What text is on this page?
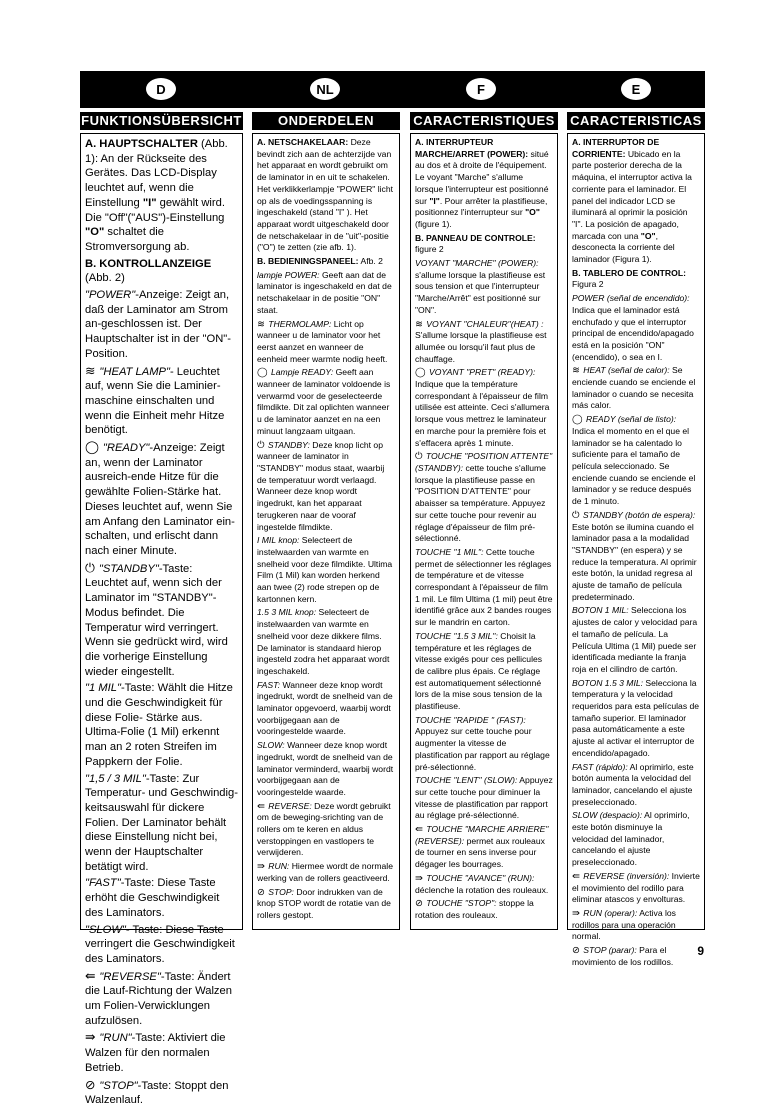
D	NL	F	E
FUNKTIONSÜBERSICHT	ONDERDELEN	CARACTERISTIQUES CARACTERISTICAS

A. HAUPTSCHALTER (Abb. 1): An der Rückseite des Gerätes. Das LCD-Display leuchtet auf, wenn die Einstellung "I" gewählt wird. Die "Off"("AUS")-Einstellung "O" schaltet die Stromversorgung ab.

B. KONTROLLANZEIGE (Abb. 2)

"POWER"-Anzeige: Zeigt an, daß der Laminator am Strom an-geschlossen ist. Der Hauptschalter ist in der "ON"-Position.

≋ "HEAT LAMP"- Leuchtet auf, wenn Sie die Laminier-maschine einschalten und wenn die Einheit mehr Hitze benötigt.

◯ "READY"-Anzeige: Zeigt an, wenn der Laminator ausreich-ende Hitze für die gewählte Folien-Stärke hat. Dieses leuchtet auf, wenn Sie am Anfang den Laminator ein-schalten, und erlischt dann nach einer Minute.

⏻ "STANDBY"-Taste: Leuchtet auf, wenn sich der Laminator im "STANDBY"-Modus befindet. Die Temperatur wird verringert. Wenn sie gedrückt wird, wird die vorherige Einstellung wieder eingestellt.

"1 MIL"-Taste: Wählt die Hitze und die Geschwindigkeit für diese Folie- Stärke aus. Ultima-Folie (1 Mil) erkennt man an 2 roten Streifen im Pappkern der Folie.

"1,5 / 3 MIL"-Taste: Zur Temperatur- und Geschwindig-keitsauswahl für dickere Folien. Der Laminator behält diese Einstellung nicht bei, wenn der Hauptschalter betätigt wird.

"FAST"-Taste: Diese Taste erhöht die Geschwindigkeit des Laminators.

"SLOW"- Taste: Diese Taste verringert die Geschwindigkeit des Laminators.

⇚ "REVERSE"-Taste: Ändert die Lauf-Richtung der Walzen um Folien-Verwicklungen aufzulösen.

⇛ "RUN"-Taste: Aktiviert die Walzen für den normalen Betrieb.

⊘ "STOP"-Taste: Stoppt den Walzenlauf.

A. NETSCHAKELAAR: Deze bevindt zich aan de achterzijde van het apparaat en wordt gebruikt om de laminator in en uit te schakelen. Het verklikkerlampje "POWER" licht op als de voedingsspanning is ingeschakeld (stand "I" ). Het apparaat wordt uitgeschakeld door de netschakelaar in de "uit"-positie ("O") te zetten (zie afb. 1).

B. BEDIENINGSPANEEL: Afb. 2

lampje POWER: Geeft aan dat de laminator is ingeschakeld en dat de netschakelaar in de positie "ON" staat.

≋ THERMOLAMP: Licht op wanneer u de laminator voor het eerst aanzet en wanneer de eenheid meer warmte nodig heeft.

◯ Lampje READY: Geeft aan wanneer de laminator voldoende is verwarmd voor de geselecteerde filmdikte. Dit zal oplichten wanneer u de laminator aanzet en na een minuut langzaam uitgaan.

⏻ STANDBY: Deze knop licht op wanneer de laminator in "STANDBY" modus staat, waarbij de temperatuur wordt verlaagd. Wanneer deze knop wordt ingedrukt, kan het apparaat terugkeren naar de vooraf ingestelde filmdikte.

I MIL knop: Selecteert de instelwaarden van warmte en snelheid voor deze filmdikte. Ultima Film (1 Mil) kan worden herkend aan twee (2) rode strepen op de kartonnen kern.

1.5 3 MIL knop: Selecteert de instelwaarden van warmte en snelheid voor deze dikkere films. De laminator is standaard hierop ingesteld zodra het apparaat wordt ingeschakeld.

FAST: Wanneer deze knop wordt ingedrukt, wordt de snelheid van de laminator opgevoerd, waarbij wordt voorbijgegaan aan de vooringestelde waarde.

SLOW: Wanneer deze knop wordt ingedrukt, wordt de snelheid van de laminator verminderd, waarbij wordt voorbijgegaan aan de vooringestelde waarde.

⇚ REVERSE: Deze wordt gebruikt om de beweging-srichting van de rollers om te keren en aldus verstoppingen en vastlopers te verwijderen.

⇛ RUN: Hiermee wordt de normale werking van de rollers geactiveerd.

⊘ STOP: Door indrukken van de knop STOP wordt de rotatie van de rollers gestopt.

A. INTERRUPTEUR MARCHE/ARRET (POWER): situé au dos et à droite de l'équipement. Le voyant "Marche" s'allume lorsque l'interrupteur est positionné sur "I". Pour arrêter la plastifieuse, positionnez l'interrupteur sur "O" (figure 1).

B. PANNEAU DE CONTROLE: figure 2

VOYANT "MARCHE" (POWER): s'allume lorsque la plastifieuse est sous tension et que l'interrupteur "Marche/Arrêt" est positionné sur "ON".

≋ VOYANT "CHALEUR"(HEAT) : S'allume lorsque la plastifieuse est allumée ou lorsqu'il faut plus de chauffage.

◯ VOYANT "PRET" (READY): Indique que la température correspondant à l'épaisseur de film utilisée est atteinte. Ceci s'allumera lorsque vous mettrez le laminateur en marche pour la première fois et s'effacera après 1 minute.

⏻ TOUCHE "POSITION ATTENTE" (STANDBY): cette touche s'allume lorsque la plastifieuse passe en "POSITION D'ATTENTE" pour abaisser sa température. Appuyez sur cette touche pour revenir au réglage d'épaisseur de film pré-sélectionné.

TOUCHE "1 MIL": Cette touche permet de sélectionner les réglages de température et de vitesse correspondant à l'épaisseur de film 1 mil. Le film Ultima (1 mil) peut être identifié grâce aux 2 bandes rouges sur le mandrin en carton.

TOUCHE "1.5 3 MIL": Choisit la température et les réglages de vitesse exigés pour ces pellicules de calibre plus épais. Ce réglage est automatiquement sélectionné lors de la mise sous tension de la plastifieuse.

TOUCHE "RAPIDE " (FAST): Appuyez sur cette touche pour augmenter la vitesse de plastification par rapport au réglage pré-sélectionné.

TOUCHE "LENT" (SLOW): Appuyez sur cette touche pour diminuer la vitesse de plastification par rapport au réglage pré-sélectionné.

⇚ TOUCHE "MARCHE ARRIERE" (REVERSE): permet aux rouleaux de tourner en sens inverse pour dégager les bourrages.

⇛ TOUCHE "AVANCE" (RUN): déclenche la rotation des rouleaux.

⊘ TOUCHE "STOP": stoppe la rotation des rouleaux.

A. INTERRUPTOR DE CORRIENTE: Ubicado en la parte posterior derecha de la máquina, el interruptor activa la corriente para el laminador. El panel del indicador LCD se iluminará al oprimir la posición "I". La posición de apagado, marcada con una "O", desconecta la corriente del laminador (Figura 1).

B. TABLERO DE CONTROL: Figura 2

POWER (señal de encendido): Indica que el laminador está enchufado y que el interruptor principal de encendido/apagado está en la posición "ON" (encendido), o sea en I.

≋ HEAT (señal de calor): Se enciende cuando se enciende el laminador o cuando se necesita más calor.

◯ READY (señal de listo): Indica el momento en el que el laminador se ha calentado lo suficiente para el tamaño de película seleccionado. Se enciende cuando se enciende el laminador y se reduce después de 1 minuto.

⏻ STANDBY (botón de espera): Este botón se ilumina cuando el laminador pasa a la modalidad "STANDBY" (en espera) y se reduce la temperatura. Al oprimir este botón, la unidad regresa al ajuste de tamaño de película predeterminado.

BOTON 1 MIL: Selecciona los ajustes de calor y velocidad para el tamaño de película. La Película Ultima (1 Mil) puede ser identificada mediante la franja roja en el cilindro de cartón.

BOTON 1.5 3 MIL: Selecciona la temperatura y la velocidad requeridos para esta películas de tamaño superior. El laminador pasa automáticamente a este ajuste al activar el interruptor de encendido/apagado.

FAST (rápido): Al oprimirlo, este botón aumenta la velocidad del laminador, cancelando el ajuste preseleccionado.

SLOW (despacio): Al oprimirlo, este botón disminuye la velocidad del laminador, cancelando el ajuste preseleccionado.

⇚ REVERSE (inversión): Invierte el movimiento del rodillo para eliminar atascos y envolturas.

⇛ RUN (operar): Activa los rodillos para una operación normal.

⊘ STOP (parar): Para el movimiento de los rodillos.

9
